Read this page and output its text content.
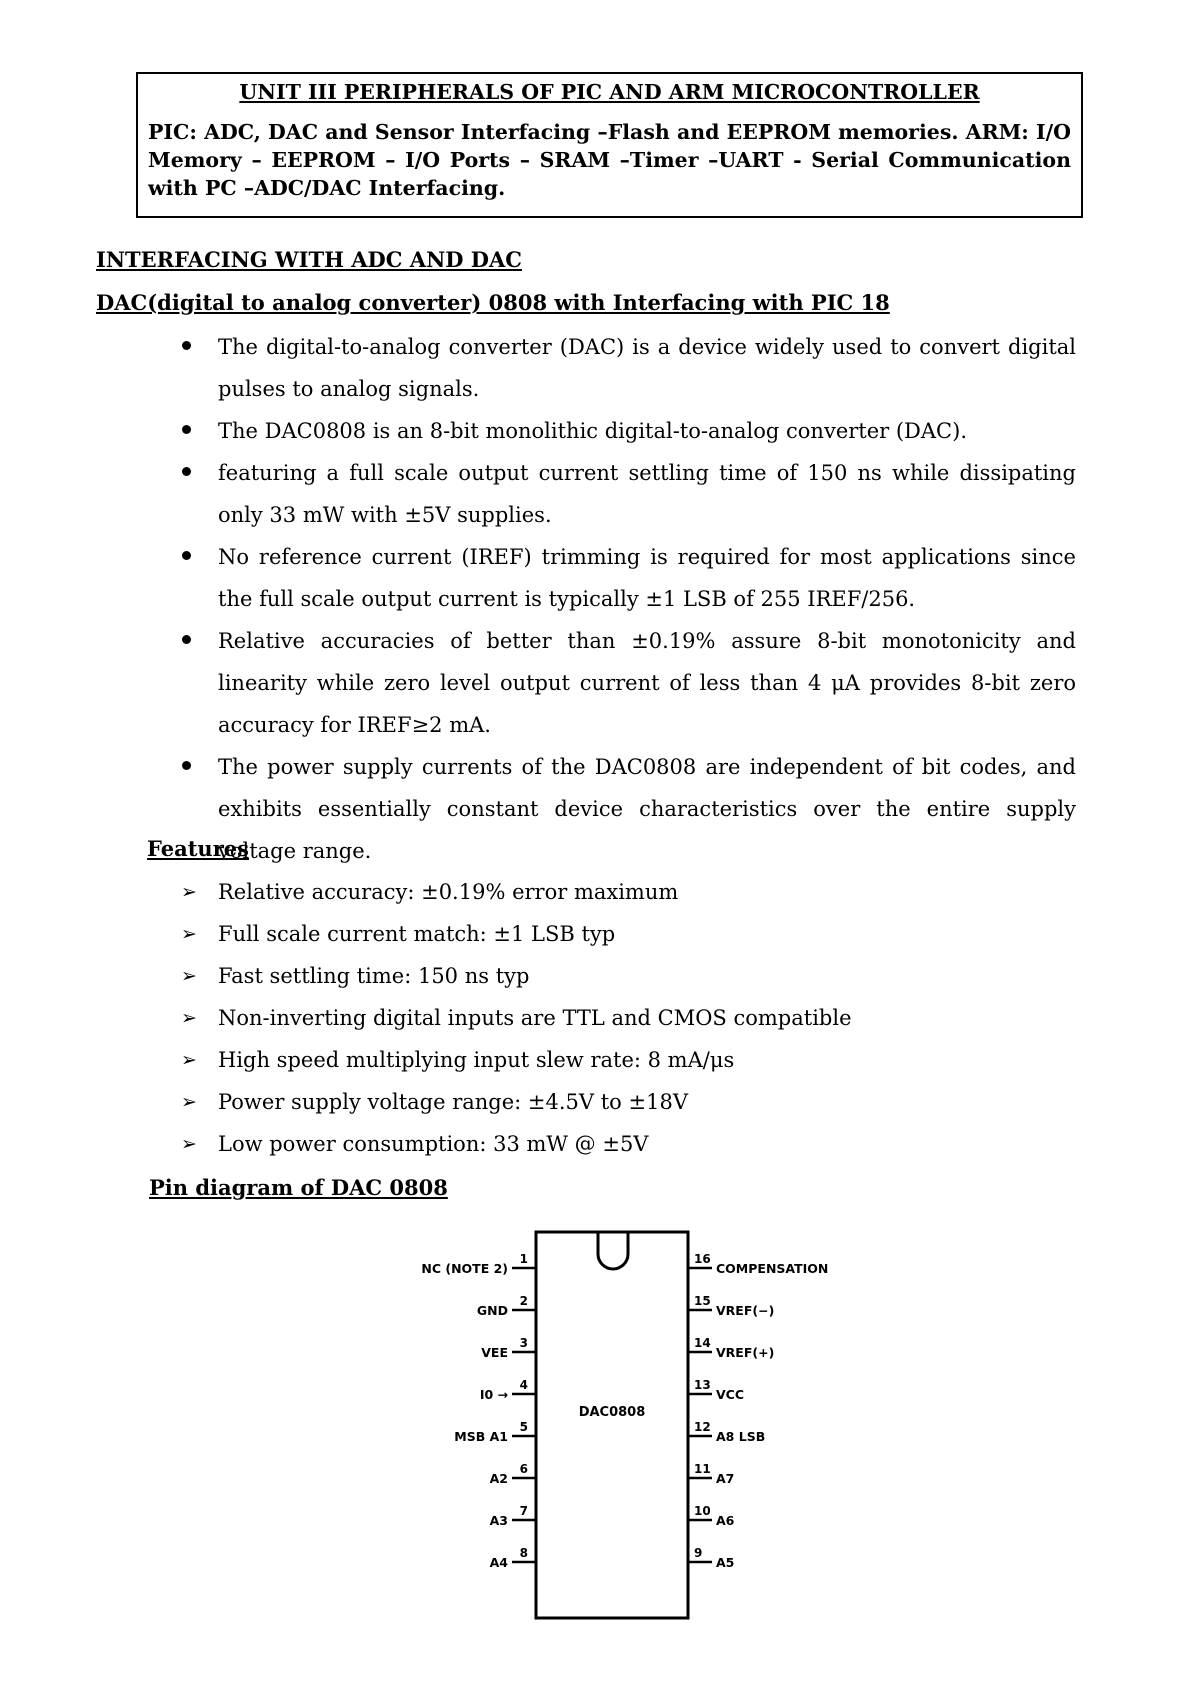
UNIT III PERIPHERALS OF PIC AND ARM MICROCONTROLLER

PIC: ADC, DAC and Sensor Interfacing –Flash and EEPROM memories. ARM: I/O Memory – EEPROM – I/O Ports – SRAM –Timer –UART - Serial Communication with PC –ADC/DAC Interfacing.

INTERFACING WITH ADC AND DAC

DAC(digital to analog converter) 0808 with Interfacing with PIC 18

The digital-to-analog converter (DAC) is a device widely used to convert digital pulses to analog signals.
The DAC0808 is an 8-bit monolithic digital-to-analog converter (DAC).
featuring a full scale output current settling time of 150 ns while dissipating only 33 mW with ±5V supplies.
No reference current (IREF) trimming is required for most applications since the full scale output current is typically ±1 LSB of 255 IREF/256.
Relative accuracies of better than ±0.19% assure 8-bit monotonicity and linearity while zero level output current of less than 4 μA provides 8-bit zero accuracy for IREF≥2 mA.
The power supply currents of the DAC0808 are independent of bit codes, and exhibits essentially constant device characteristics over the entire supply voltage range.

Features

➢ Relative accuracy: ±0.19% error maximum
➢ Full scale current match: ±1 LSB typ
➢ Fast settling time: 150 ns typ
➢ Non-inverting digital inputs are TTL and CMOS compatible
➢ High speed multiplying input slew rate: 8 mA/μs
➢ Power supply voltage range: ±4.5V to ±18V
➢ Low power consumption: 33 mW @ ±5V

Pin diagram of DAC 0808

DAC0808
1
NC (NOTE 2)
2
GND
3
VEE
4
I0 →
5
MSB A1
6
A2
7
A3
8
A4
16
COMPENSATION
15
VREF(−)
14
VREF(+)
13
VCC
12
A8 LSB
11
A7
10
A6
9
A5
